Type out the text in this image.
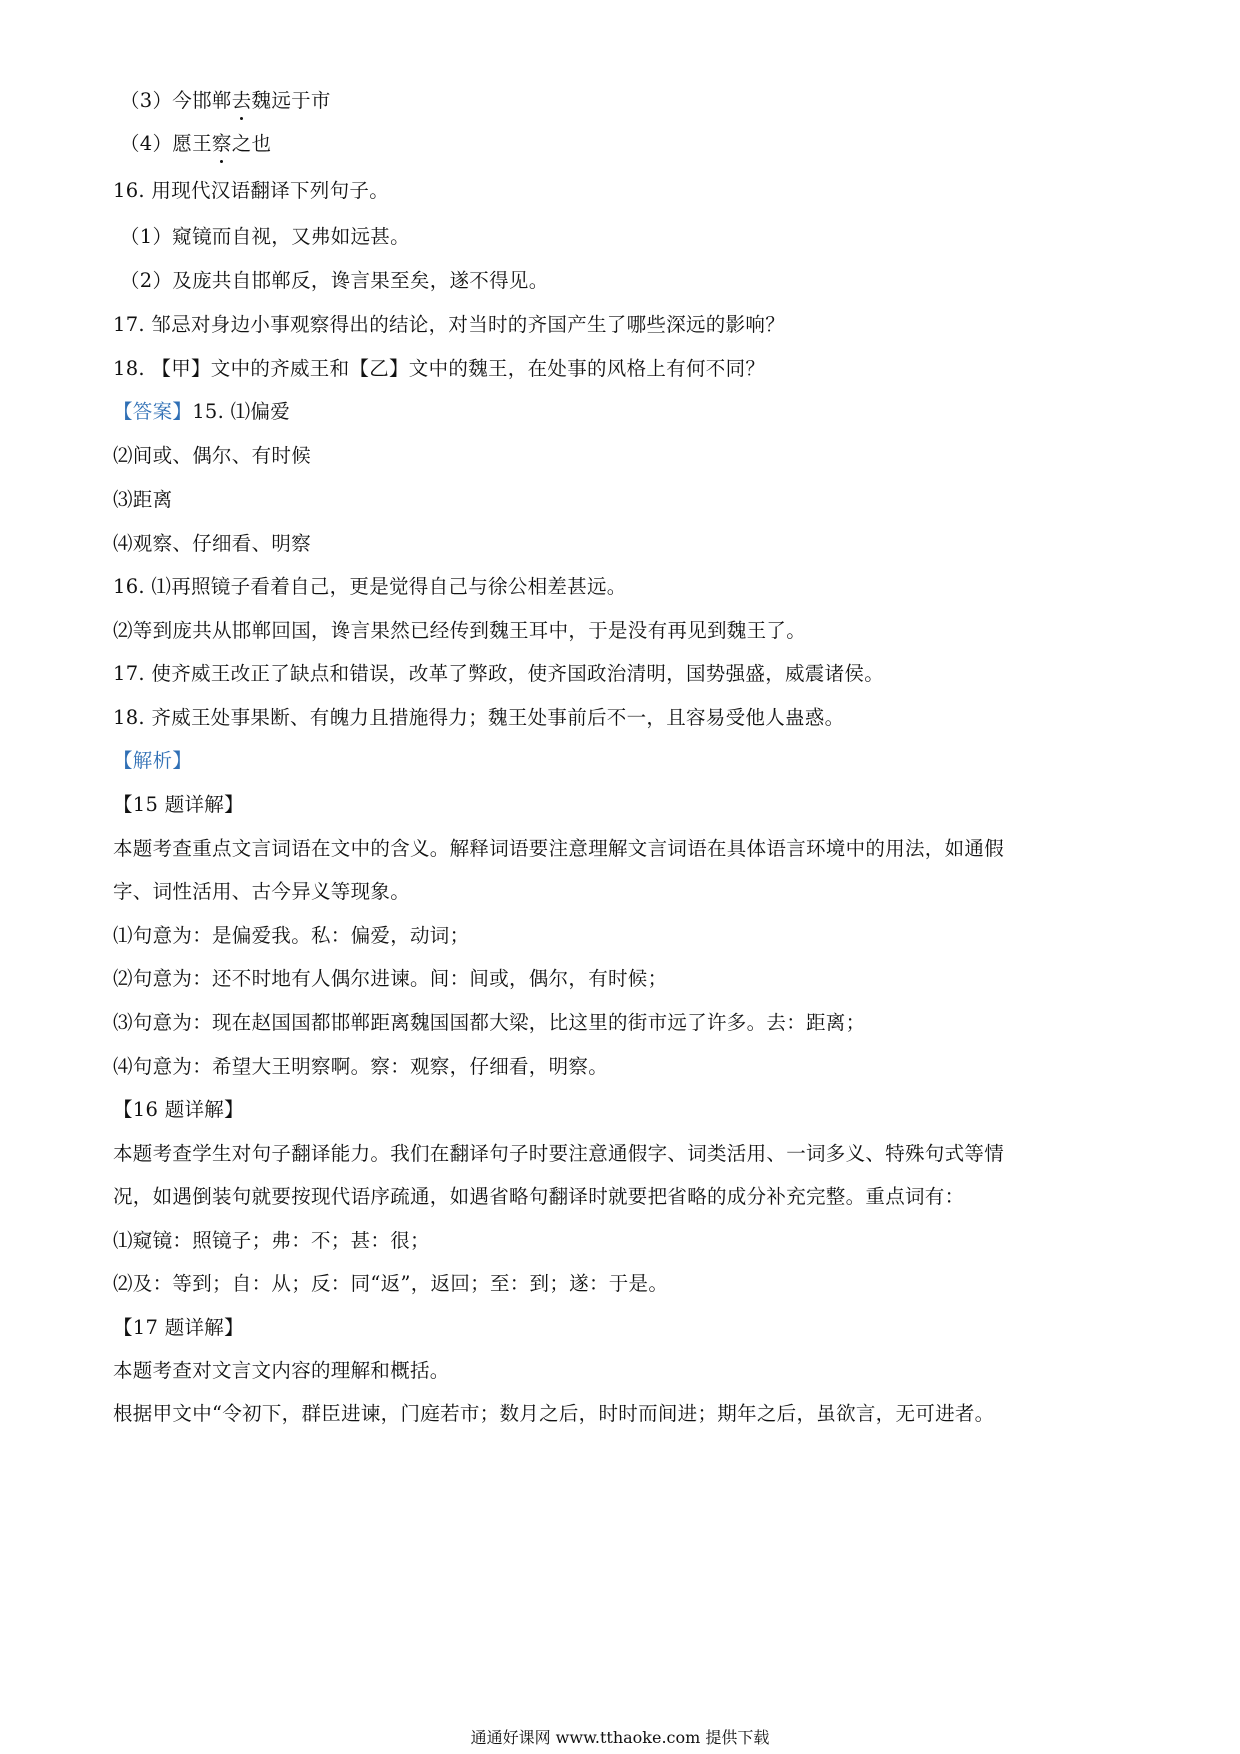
（3）今邯郸去魏远于市
（4）愿王察之也
16. 用现代汉语翻译下列句子。
（1）窥镜而自视，又弗如远甚。
（2）及庞共自邯郸反，谗言果至矣，遂不得见。
17. 邹忌对身边小事观察得出的结论，对当时的齐国产生了哪些深远的影响？
18. 【甲】文中的齐威王和【乙】文中的魏王，在处事的风格上有何不同？
【答案】15. ⑴偏爱
⑵间或、偶尔、有时候
⑶距离
⑷观察、仔细看、明察
16. ⑴再照镜子看着自己，更是觉得自己与徐公相差甚远。
⑵等到庞共从邯郸回国，谗言果然已经传到魏王耳中，于是没有再见到魏王了。
17. 使齐威王改正了缺点和错误，改革了弊政，使齐国政治清明，国势强盛，威震诸侯。
18. 齐威王处事果断、有魄力且措施得力；魏王处事前后不一，且容易受他人蛊惑。
【解析】
【15 题详解】
本题考查重点文言词语在文中的含义。解释词语要注意理解文言词语在具体语言环境中的用法，如通假
字、词性活用、古今异义等现象。
⑴句意为：是偏爱我。私：偏爱，动词；
⑵句意为：还不时地有人偶尔进谏。间：间或，偶尔，有时候；
⑶句意为：现在赵国国都邯郸距离魏国国都大梁，比这里的街市远了许多。去：距离；
⑷句意为：希望大王明察啊。察：观察，仔细看，明察。
【16 题详解】
本题考查学生对句子翻译能力。我们在翻译句子时要注意通假字、词类活用、一词多义、特殊句式等情
况，如遇倒装句就要按现代语序疏通，如遇省略句翻译时就要把省略的成分补充完整。重点词有：
⑴窥镜：照镜子；弗：不；甚：很；
⑵及：等到；自：从；反：同“返”，返回；至：到；遂：于是。
【17 题详解】
本题考查对文言文内容的理解和概括。
根据甲文中“令初下，群臣进谏，门庭若市；数月之后，时时而间进；期年之后，虽欲言，无可进者。
通通好课网 www.tthaoke.com 提供下载
